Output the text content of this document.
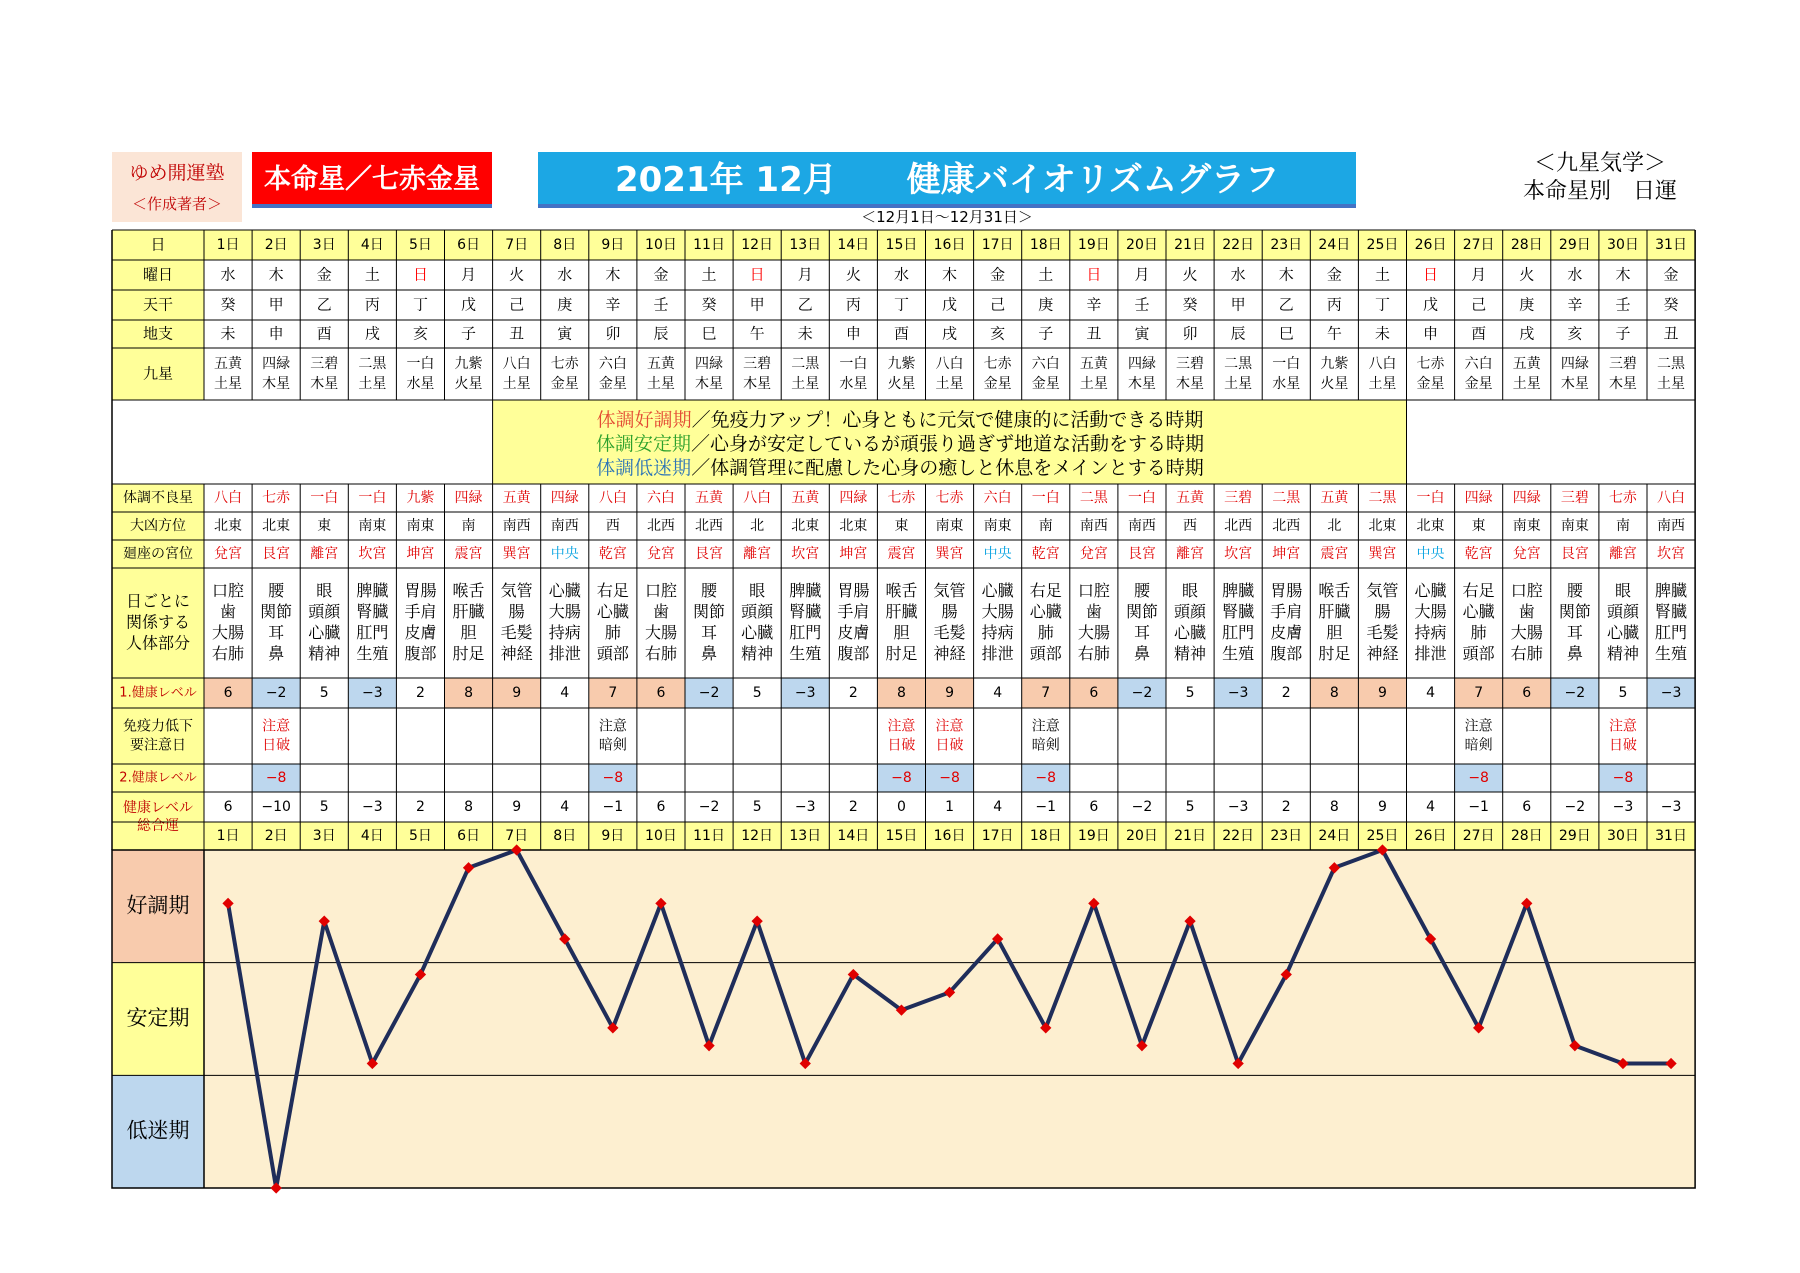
ゆめ開運塾
＜作成著者＞
本命星／七赤金星	2021年 12月 健康バイオリズムグラフ
＜12月1日～12月31日＞
＜九星気学＞
本命星別　日運
日
曜日
天干
地支
九星
体調不良星
大凶方位
廻座の宮位
日ごとに
関係する
人体部分
1.健康レベル
免疫力低下
要注意日
2.健康レベル
健康レベル
総合運
1日
水
癸
未
五黄
土星
八白
北東
兌宮
口腔
歯
大腸
右肺
6
6
1日
2日
木
甲
申
四緑
木星
七赤
北東
艮宮
腰
関節
耳
鼻
−2
注意
日破
−8
−10
2日
3日
金
乙
酉
三碧
木星
一白
東
離宮
眼
頭顔
心臓
精神
5
5
3日
4日
土
丙
戌
二黒
土星
一白
南東
坎宮
脾臓
腎臓
肛門
生殖
−3
−3
4日
5日
日
丁
亥
一白
水星
九紫
南東
坤宮
胃腸
手肩
皮膚
腹部
2
2
5日
6日
月
戊
子
九紫
火星
四緑
南
震宮
喉舌
肝臓
胆
肘足
8
8
6日
7日
火
己
丑
八白
土星
五黄
南西
巽宮
気管
腸
毛髪
神経
9
9
7日
8日
水
庚
寅
七赤
金星
四緑
南西
中央
心臓
大腸
持病
排泄
4
4
8日
9日
木
辛
卯
六白
金星
八白
西
乾宮
右足
心臓
肺
頭部
7
注意
暗剣
−8
−1
9日
10日
金
壬
辰
五黄
土星
六白
北西
兌宮
口腔
歯
大腸
右肺
6
6
10日
11日
土
癸
巳
四緑
木星
五黄
北西
艮宮
腰
関節
耳
鼻
−2
−2
11日
12日
日
甲
午
三碧
木星
八白
北
離宮
眼
頭顔
心臓
精神
5
5
12日
13日
月
乙
未
二黒
土星
五黄
北東
坎宮
脾臓
腎臓
肛門
生殖
−3
−3
13日
14日
火
丙
申
一白
水星
四緑
北東
坤宮
胃腸
手肩
皮膚
腹部
2
2
14日
15日
水
丁
酉
九紫
火星
七赤
東
震宮
喉舌
肝臓
胆
肘足
8
注意
日破
−8
0
15日
16日
木
戊
戌
八白
土星
七赤
南東
巽宮
気管
腸
毛髪
神経
9
注意
日破
−8
1
16日
17日
金
己
亥
七赤
金星
六白
南東
中央
心臓
大腸
持病
排泄
4
4
17日
18日
土
庚
子
六白
金星
一白
南
乾宮
右足
心臓
肺
頭部
7
注意
暗剣
−8
−1
18日
19日
日
辛
丑
五黄
土星
二黒
南西
兌宮
口腔
歯
大腸
右肺
6
6
19日
20日
月
壬
寅
四緑
木星
一白
南西
艮宮
腰
関節
耳
鼻
−2
−2
20日
21日
火
癸
卯
三碧
木星
五黄
西
離宮
眼
頭顔
心臓
精神
5
5
21日
22日
水
甲
辰
二黒
土星
三碧
北西
坎宮
脾臓
腎臓
肛門
生殖
−3
−3
22日
23日
木
乙
巳
一白
水星
二黒
北西
坤宮
胃腸
手肩
皮膚
腹部
2
2
23日
24日
金
丙
午
九紫
火星
五黄
北
震宮
喉舌
肝臓
胆
肘足
8
8
24日
25日
土
丁
未
八白
土星
二黒
北東
巽宮
気管
腸
毛髪
神経
9
9
25日
26日
日
戊
申
七赤
金星
一白
北東
中央
心臓
大腸
持病
排泄
4
4
26日
27日
月
己
酉
六白
金星
四緑
東
乾宮
右足
心臓
肺
頭部
7
注意
暗剣
−8
−1
27日
28日
火
庚
戌
五黄
土星
四緑
南東
兌宮
口腔
歯
大腸
右肺
6
6
28日
29日
水
辛
亥
四緑
木星
三碧
南東
艮宮
腰
関節
耳
鼻
−2
−2
29日
30日
木
壬
子
三碧
木星
七赤
南
離宮
眼
頭顔
心臓
精神
5
注意
日破
−8
−3
30日
31日
金
癸
丑
二黒
土星
八白
南西
坎宮
脾臓
腎臓
肛門
生殖
−3
−3
31日
体調好調期／免疫力アップ！心身ともに元気で健康的に活動できる時期
体調安定期／心身が安定しているが頑張り過ぎず地道な活動をする時期
体調低迷期／体調管理に配慮した心身の癒しと休息をメインとする時期
好調期
安定期
低迷期
